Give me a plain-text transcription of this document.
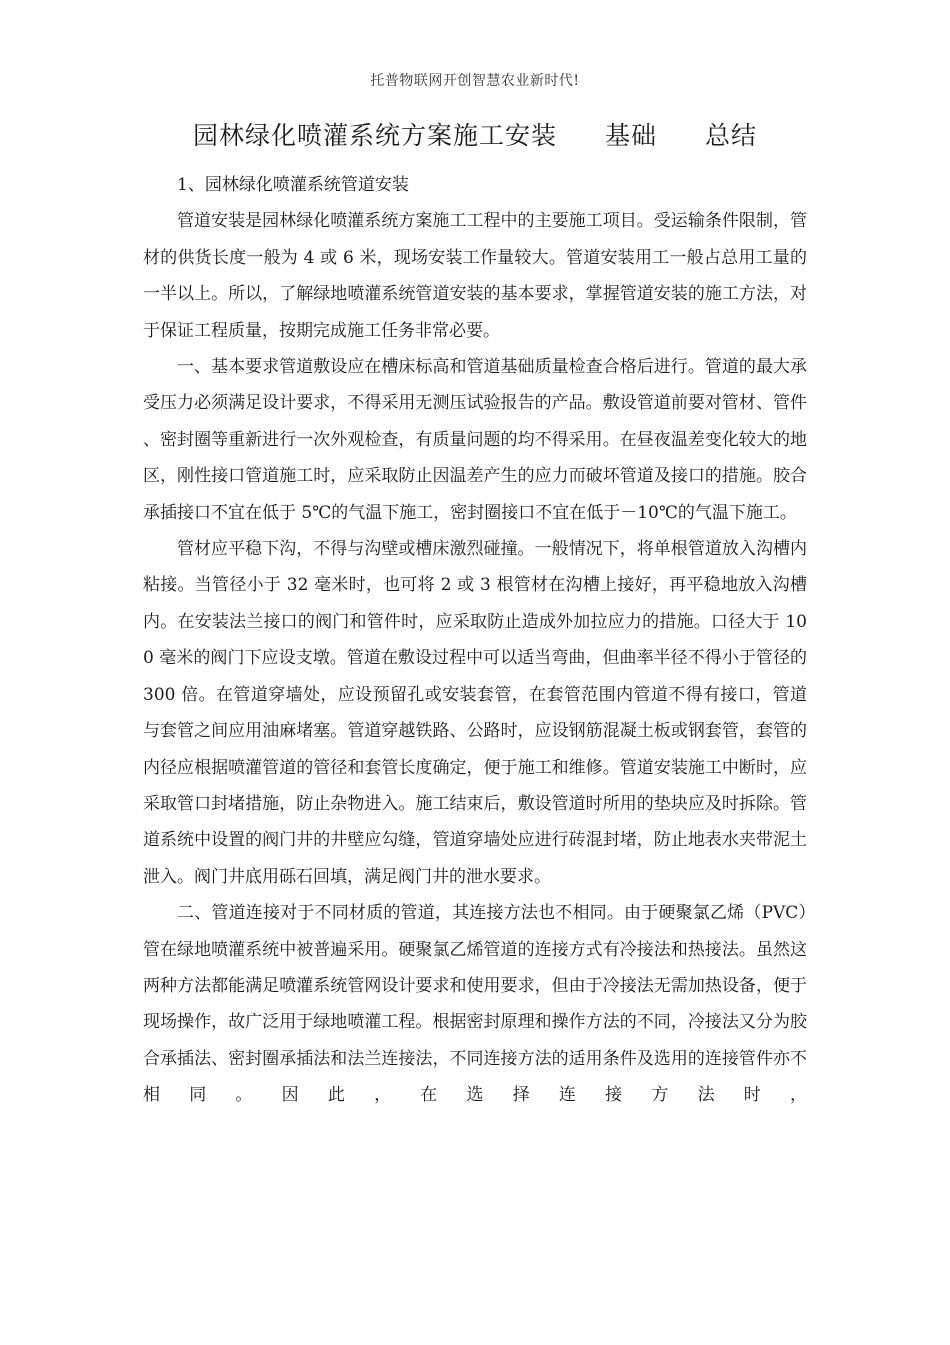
托普物联网开创智慧农业新时代!
园林绿化喷灌系统方案施工安装 基础 总结

1、园林绿化喷灌系统管道安装

管道安装是园林绿化喷灌系统方案施工工程中的主要施工项目。受运输条件限制，管材的供货长度一般为 4 或 6 米，现场安装工作量较大。管道安装用工一般占总用工量的一半以上。所以，了解绿地喷灌系统管道安装的基本要求，掌握管道安装的施工方法，对于保证工程质量，按期完成施工任务非常必要。

一、基本要求管道敷设应在槽床标高和管道基础质量检查合格后进行。管道的最大承受压力必须满足设计要求，不得采用无测压试验报告的产品。敷设管道前要对管材、管件、密封圈等重新进行一次外观检查，有质量问题的均不得采用。在昼夜温差变化较大的地区，刚性接口管道施工时，应采取防止因温差产生的应力而破坏管道及接口的措施。胶合承插接口不宜在低于 5℃的气温下施工，密封圈接口不宜在低于－10℃的气温下施工。

管材应平稳下沟，不得与沟壁或槽床激烈碰撞。一般情况下，将单根管道放入沟槽内粘接。当管径小于 32 毫米时，也可将 2 或 3 根管材在沟槽上接好，再平稳地放入沟槽内。在安装法兰接口的阀门和管件时，应采取防止造成外加拉应力的措施。口径大于 100 毫米的阀门下应设支墩。管道在敷设过程中可以适当弯曲，但曲率半径不得小于管径的 300 倍。在管道穿墙处，应设预留孔或安装套管，在套管范围内管道不得有接口，管道与套管之间应用油麻堵塞。管道穿越铁路、公路时，应设钢筋混凝土板或钢套管，套管的内径应根据喷灌管道的管径和套管长度确定，便于施工和维修。管道安装施工中断时，应采取管口封堵措施，防止杂物进入。施工结束后，敷设管道时所用的垫块应及时拆除。管道系统中设置的阀门井的井壁应勾缝，管道穿墙处应进行砖混封堵，防止地表水夹带泥土泄入。阀门井底用砾石回填，满足阀门井的泄水要求。

二、管道连接对于不同材质的管道，其连接方法也不相同。由于硬聚氯乙烯（PVC）管在绿地喷灌系统中被普遍采用。硬聚氯乙烯管道的连接方式有冷接法和热接法。虽然这两种方法都能满足喷灌系统管网设计要求和使用要求，但由于冷接法无需加热设备，便于现场操作，故广泛用于绿地喷灌工程。根据密封原理和操作方法的不同，冷接法又分为胶合承插法、密封圈承插法和法兰连接法，不同连接方法的适用条件及选用的连接管件亦不相同。因此，在选择连接方法时，
